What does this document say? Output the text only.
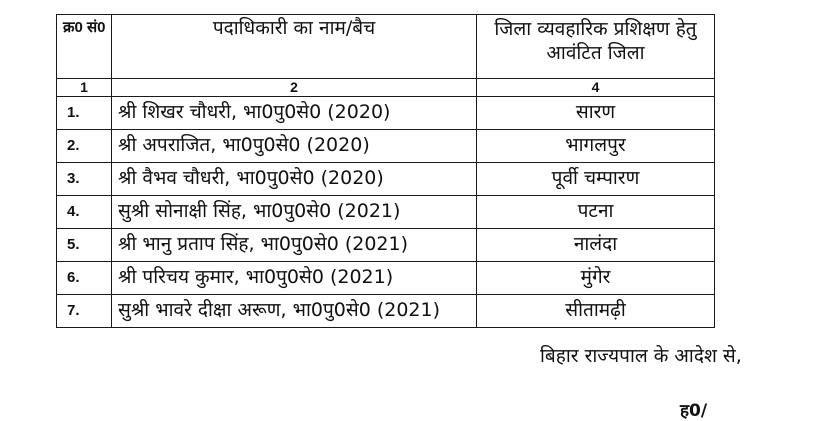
क्र0 सं0	पदाधिकारी का नाम/बैच	जिला व्यवहारिक प्रशिक्षण हेतु आवंटित जिला
1	2	4
1.	श्री शिखर चौधरी, भा0पु0से0 (2020)	सारण
2.	श्री अपराजित, भा0पु0से0 (2020)	भागलपुर
3.	श्री वैभव चौधरी, भा0पु0से0 (2020)	पूर्वी चम्पारण
4.	सुश्री सोनाक्षी सिंह, भा0पु0से0 (2021)	पटना
5.	श्री भानु प्रताप सिंह, भा0पु0से0 (2021)	नालंदा
6.	श्री परिचय कुमार, भा0पु0से0 (2021)	मुंगेर
7.	सुश्री भावरे दीक्षा अरूण, भा0पु0से0 (2021)	सीतामढ़ी
बिहार राज्यपाल के आदेश से,
ह0/
